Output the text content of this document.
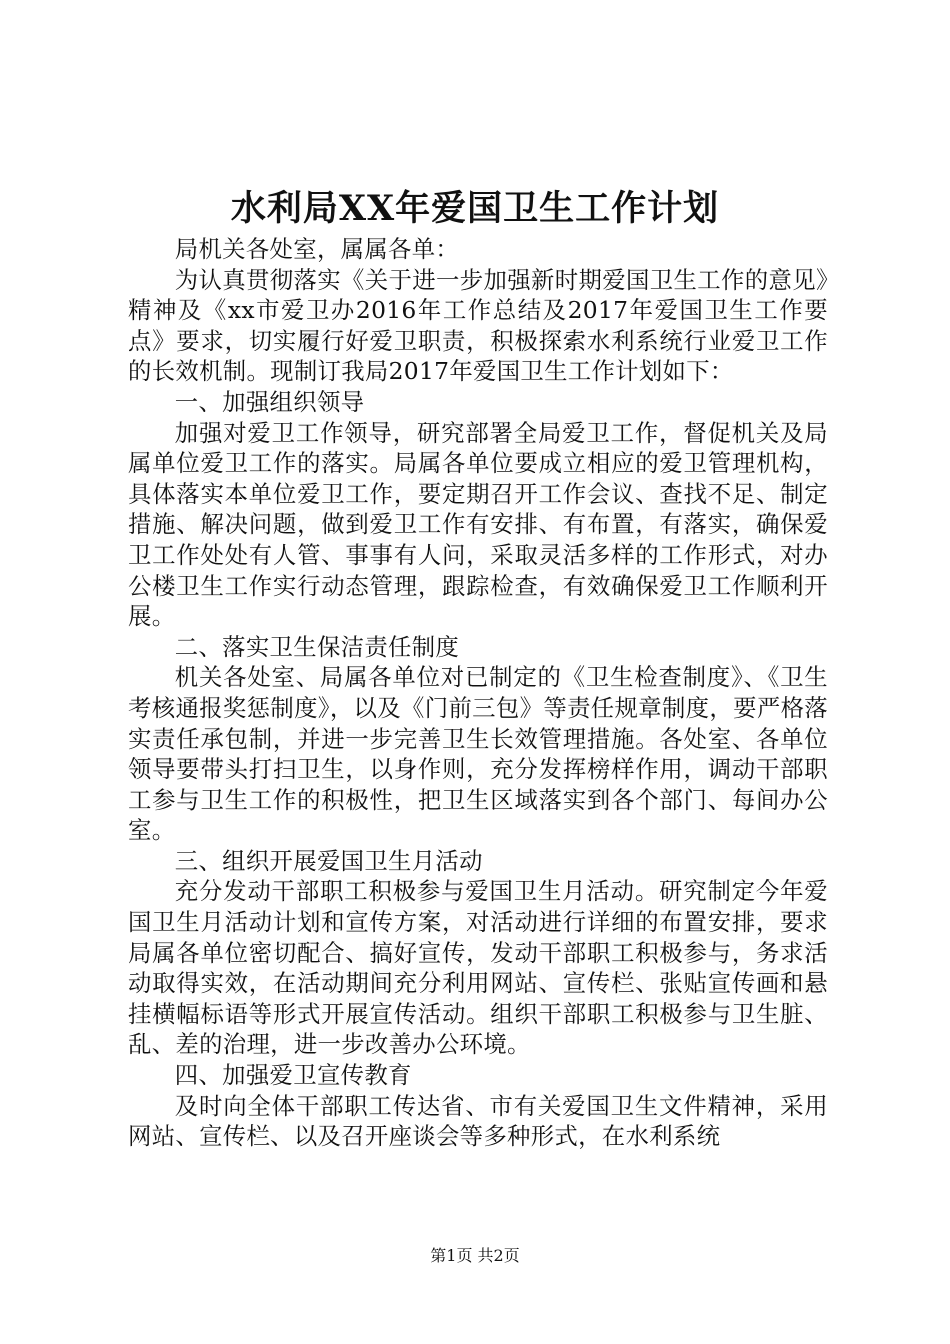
水利局XX年爱国卫生工作计划

局机关各处室，属属各单：

为认真贯彻落实《关于进一步加强新时期爱国卫生工作的意见》精神及《xx市爱卫办2016年工作总结及2017年爱国卫生工作要点》要求，切实履行好爱卫职责，积极探索水利系统行业爱卫工作的长效机制。现制订我局2017年爱国卫生工作计划如下：

一、加强组织领导

加强对爱卫工作领导，研究部署全局爱卫工作，督促机关及局属单位爱卫工作的落实。局属各单位要成立相应的爱卫管理机构，具体落实本单位爱卫工作，要定期召开工作会议、查找不足、制定措施、解决问题，做到爱卫工作有安排、有布置，有落实，确保爱卫工作处处有人管、事事有人问，采取灵活多样的工作形式，对办公楼卫生工作实行动态管理，跟踪检查，有效确保爱卫工作顺利开展。

二、落实卫生保洁责任制度

机关各处室、局属各单位对已制定的《卫生检查制度》、《卫生考核通报奖惩制度》，以及《门前三包》等责任规章制度，要严格落实责任承包制，并进一步完善卫生长效管理措施。各处室、各单位领导要带头打扫卫生，以身作则，充分发挥榜样作用，调动干部职工参与卫生工作的积极性，把卫生区域落实到各个部门、每间办公室。

三、组织开展爱国卫生月活动

充分发动干部职工积极参与爱国卫生月活动。研究制定今年爱国卫生月活动计划和宣传方案，对活动进行详细的布置安排，要求局属各单位密切配合、搞好宣传，发动干部职工积极参与，务求活动取得实效，在活动期间充分利用网站、宣传栏、张贴宣传画和悬挂横幅标语等形式开展宣传活动。组织干部职工积极参与卫生脏、乱、差的治理，进一步改善办公环境。

四、加强爱卫宣传教育

及时向全体干部职工传达省、市有关爱国卫生文件精神，采用网站、宣传栏、以及召开座谈会等多种形式，在水利系统

第1页 共2页
